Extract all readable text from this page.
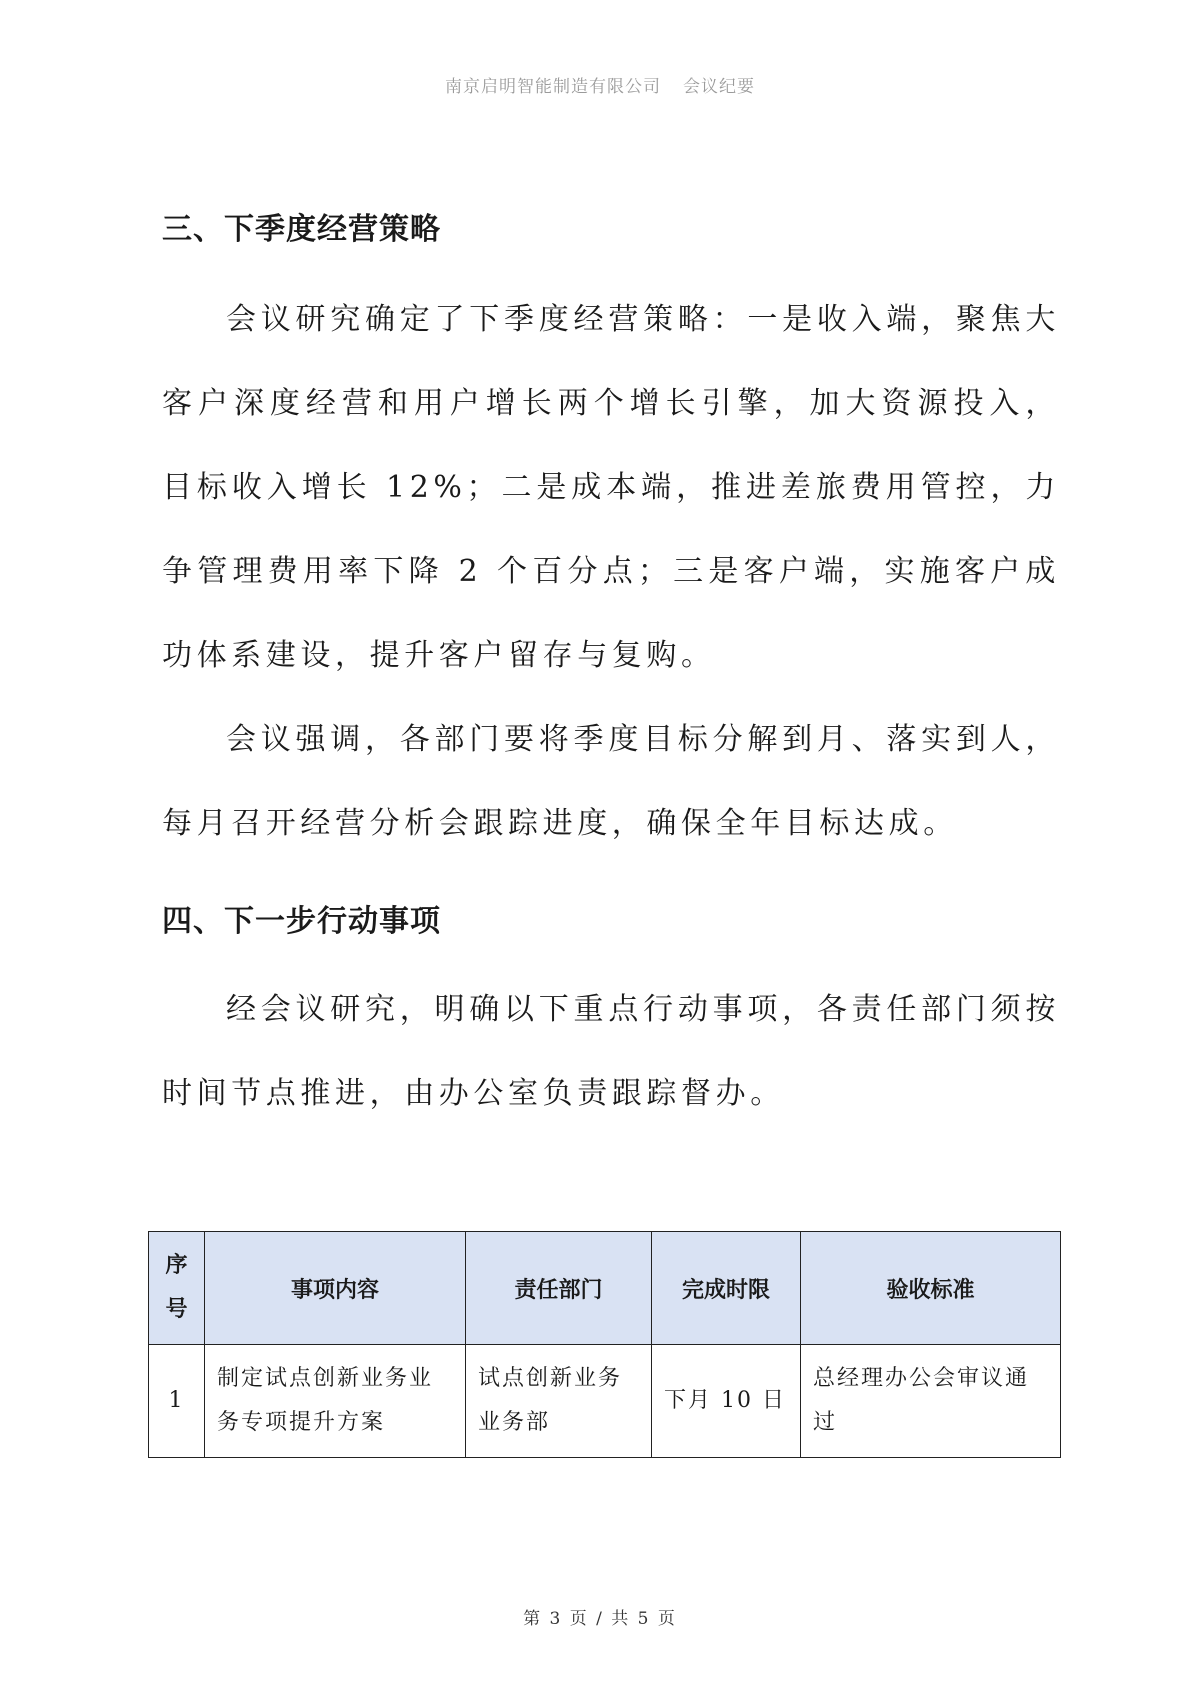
南京启明智能制造有限公司 会议纪要
三、下季度经营策略

会议研究确定了下季度经营策略：一是收入端，聚焦大客户深度经营和用户增长两个增长引擎，加大资源投入，目标收入增长 12%；二是成本端，推进差旅费用管控，力争管理费用率下降 2 个百分点；三是客户端，实施客户成功体系建设，提升客户留存与复购。

会议强调，各部门要将季度目标分解到月、落实到人，每月召开经营分析会跟踪进度，确保全年目标达成。

四、下一步行动事项

经会议研究，明确以下重点行动事项，各责任部门须按时间节点推进，由办公室负责跟踪督办。

序
号	事项内容	责任部门	完成时限	验收标准
1	制定试点创新业务业务专项提升方案	试点创新业务业务部	下月 10 日	总经理办公会审议通过
第 3 页 / 共 5 页
